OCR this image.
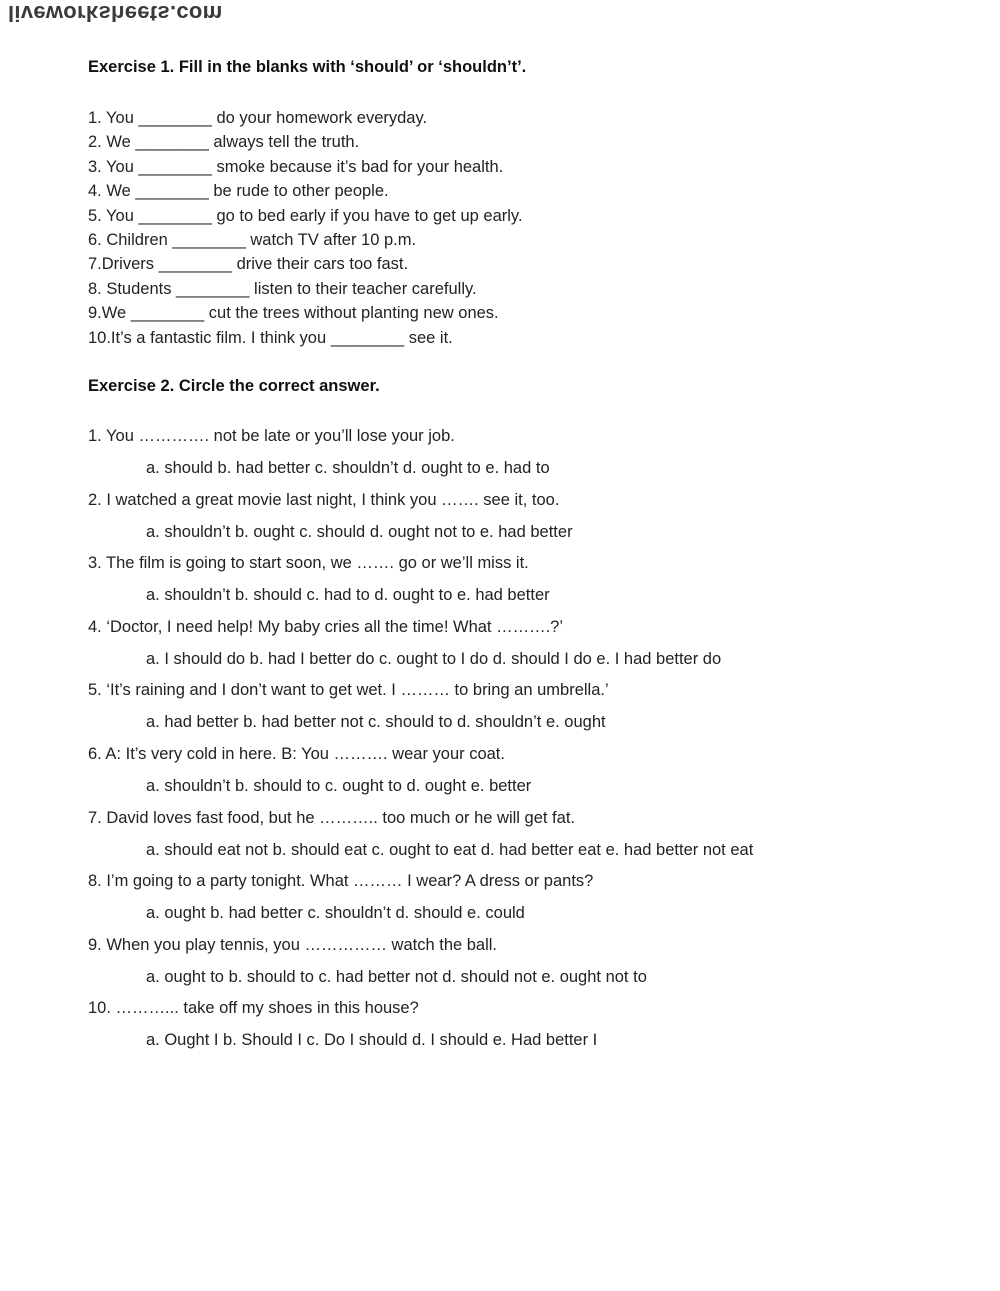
liveworksheets.com
Exercise 1. Fill in the blanks with ‘should’ or ‘shouldn’t’.
1. You ________ do your homework everyday.
2. We ________ always tell the truth.
3. You ________ smoke because it’s bad for your health.
4. We ________ be rude to other people.
5. You ________ go to bed early if you have to get up early.
6. Children ________ watch TV after 10 p.m.
7.Drivers ________ drive their cars too fast.
8. Students ________ listen to their teacher carefully.
9.We ________ cut the trees without planting new ones.
10.It’s a fantastic film. I think you ________ see it.
Exercise 2. Circle the correct answer.
1. You …………. not be late or you’ll lose your job.
a. should b. had better c. shouldn’t d. ought to e. had to
2. I watched a great movie last night, I think you ……. see it, too.
a. shouldn’t b. ought c. should d. ought not to e. had better
3. The film is going to start soon, we ……. go or we’ll miss it.
a. shouldn’t b. should c. had to d. ought to e. had better
4. ‘Doctor, I need help! My baby cries all the time! What ……….?’
a. I should do b. had I better do c. ought to I do d. should I do e. I had better do
5. ‘It’s raining and I don’t want to get wet. I ……… to bring an umbrella.’
a. had better b. had better not c. should to d. shouldn’t e. ought
6. A: It’s very cold in here. B: You ………. wear your coat.
a. shouldn’t b. should to c. ought to d. ought e. better
7. David loves fast food, but he ……….. too much or he will get fat.
a. should eat not b. should eat c. ought to eat d. had better eat e. had better not eat
8. I’m going to a party tonight. What ……… I wear? A dress or pants?
a. ought b. had better c. shouldn’t d. should e. could
9. When you play tennis, you …………… watch the ball.
a. ought to b. should to c. had better not d. should not e. ought not to
10. ………... take off my shoes in this house?
a. Ought I b. Should I c. Do I should d. I should e. Had better I
